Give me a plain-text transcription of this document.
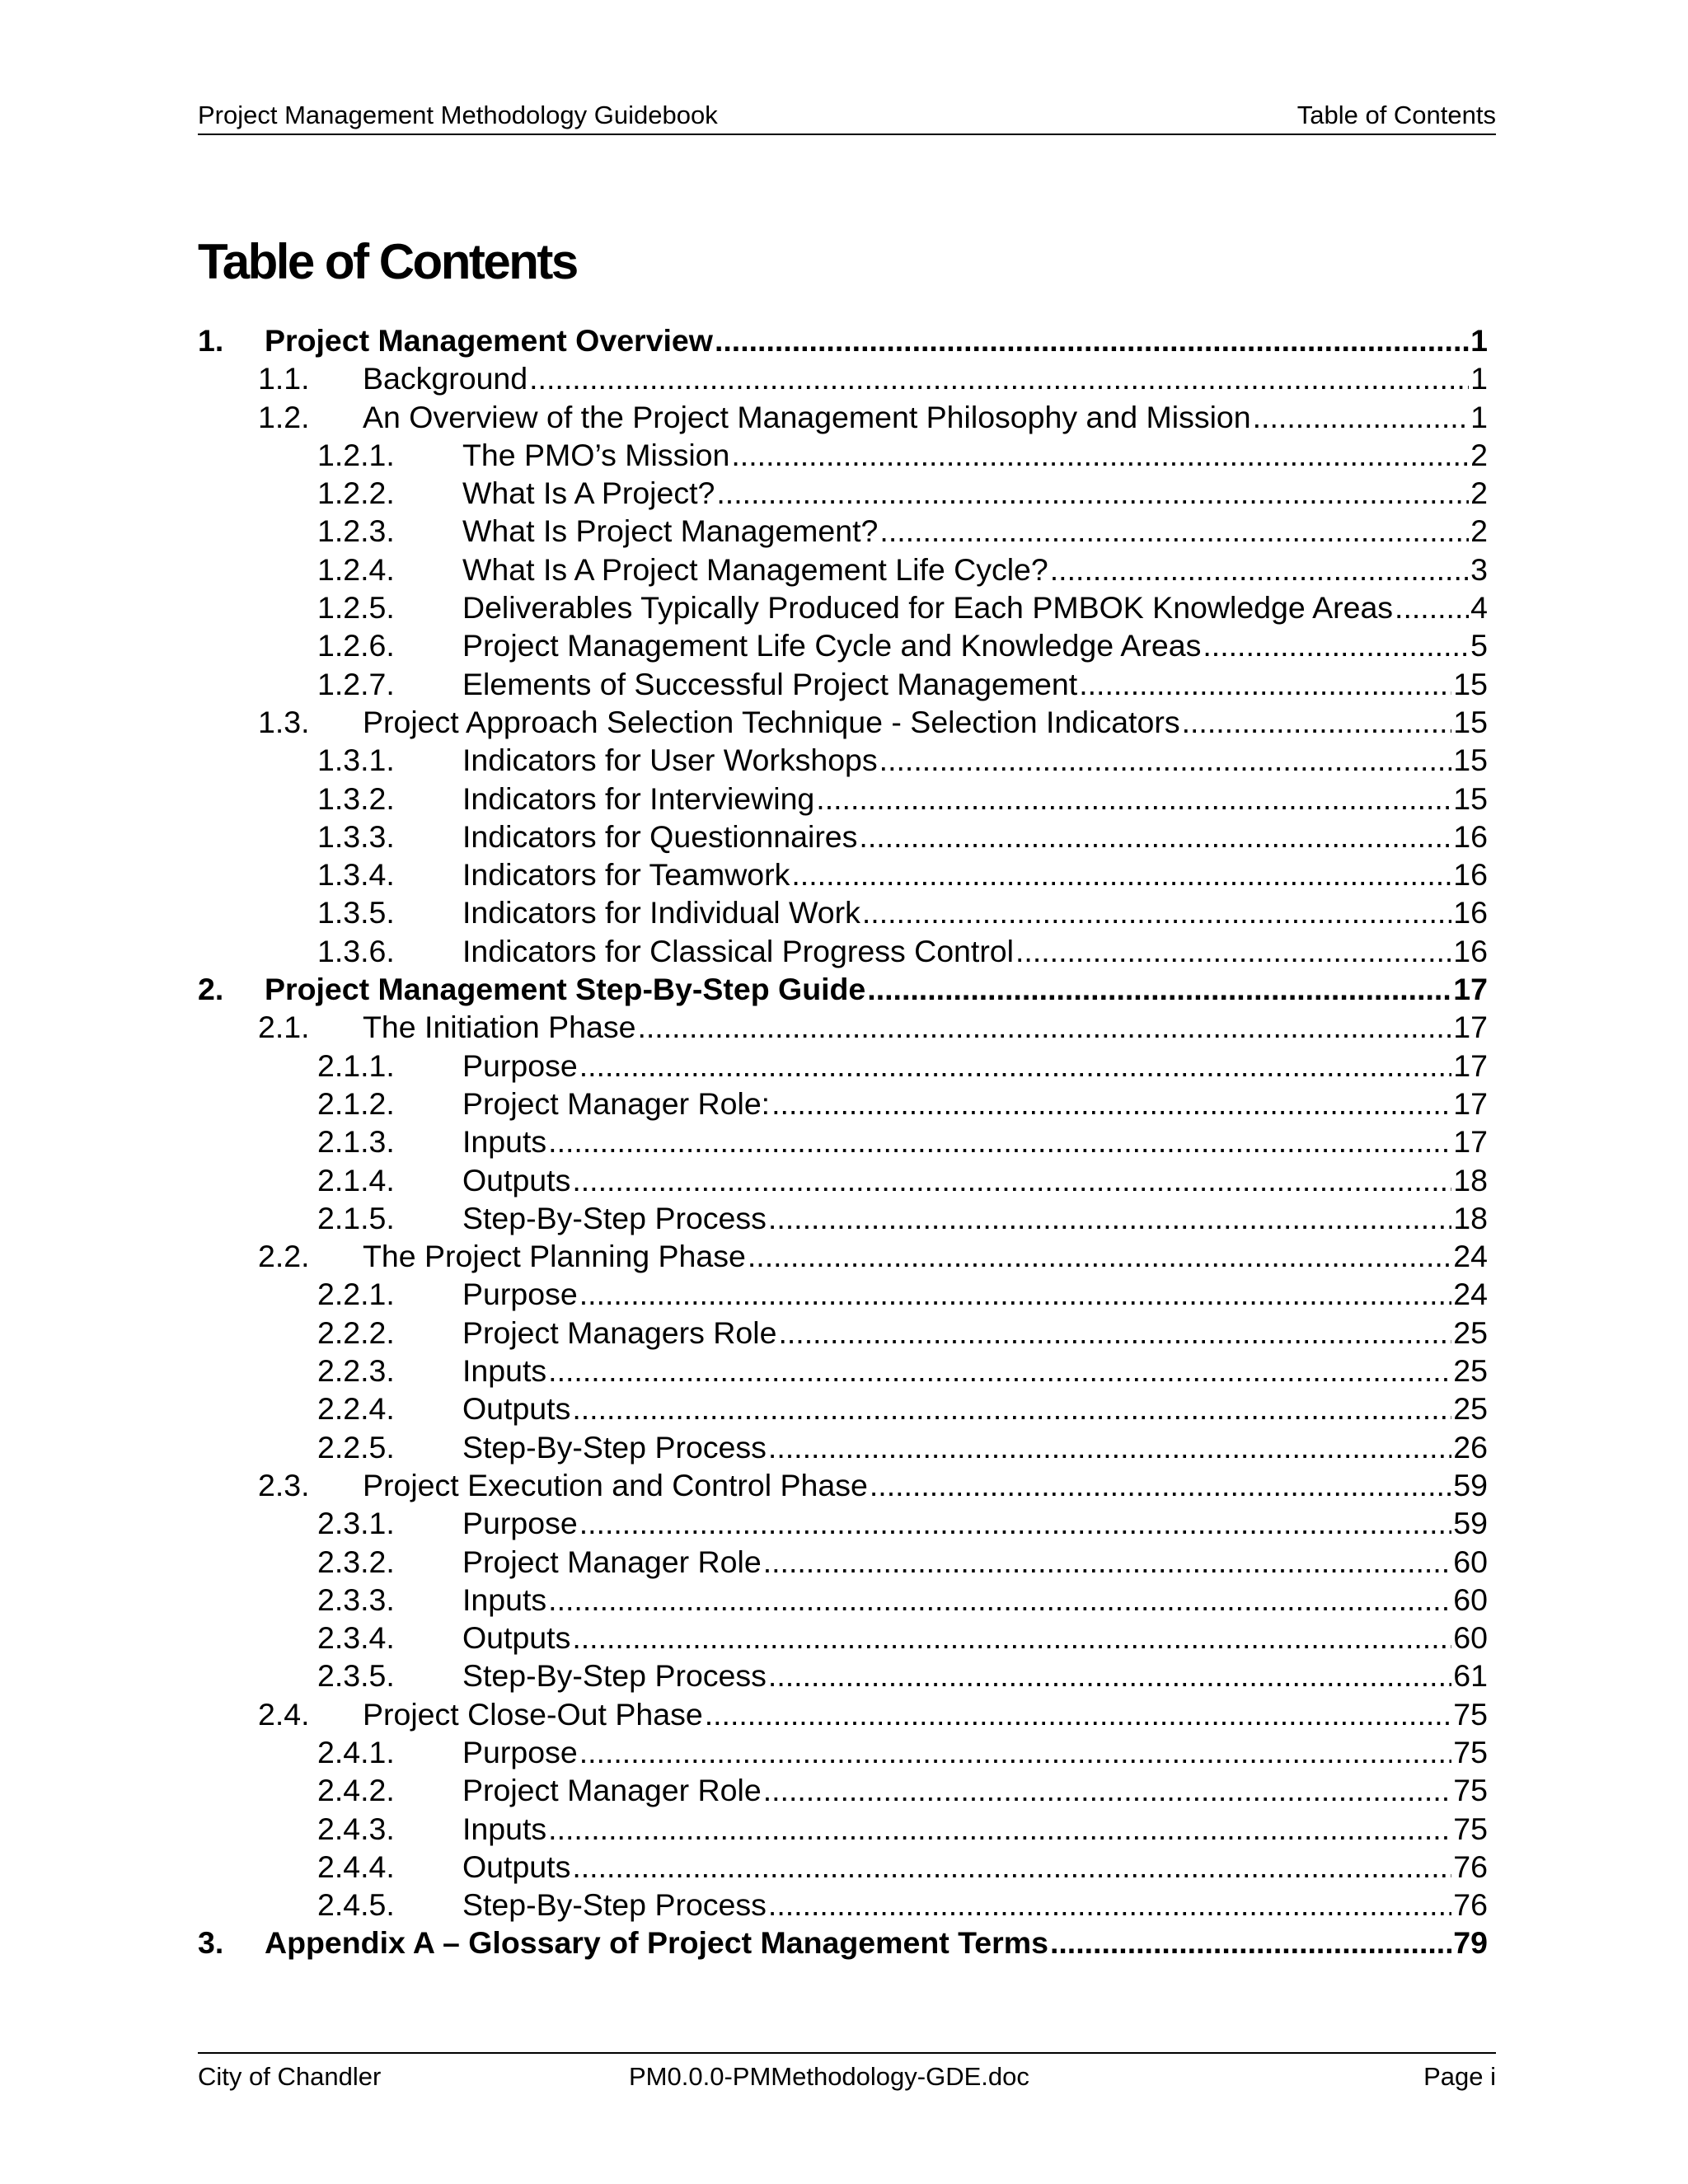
Project Management Methodology Guidebook	Table of Contents
Table of Contents
1.	Project Management Overview .....	1
1.1.	Background .....	1
1.2.	An Overview of the Project Management Philosophy and Mission .....	1
1.2.1.	The PMO’s Mission .....	2
1.2.2.	What Is A Project? .....	2
1.2.3.	What Is Project Management? .....	2
1.2.4.	What Is A Project Management Life Cycle? .....	3
1.2.5.	Deliverables Typically Produced for Each PMBOK Knowledge Areas .....	4
1.2.6.	Project Management Life Cycle and Knowledge Areas .....	5
1.2.7.	Elements of Successful Project Management .....	15
1.3.	Project Approach Selection Technique - Selection Indicators .....	15
1.3.1.	Indicators for User Workshops .....	15
1.3.2.	Indicators for Interviewing .....	15
1.3.3.	Indicators for Questionnaires .....	16
1.3.4.	Indicators for Teamwork .....	16
1.3.5.	Indicators for Individual Work .....	16
1.3.6.	Indicators for Classical Progress Control .....	16
2.	Project Management Step-By-Step Guide .....	17
2.1.	The Initiation Phase .....	17
2.1.1.	Purpose .....	17
2.1.2.	Project Manager Role: .....	17
2.1.3.	Inputs .....	17
2.1.4.	Outputs .....	18
2.1.5.	Step-By-Step Process .....	18
2.2.	The Project Planning Phase .....	24
2.2.1.	Purpose .....	24
2.2.2.	Project Managers Role .....	25
2.2.3.	Inputs .....	25
2.2.4.	Outputs .....	25
2.2.5.	Step-By-Step Process .....	26
2.3.	Project Execution and Control Phase .....	59
2.3.1.	Purpose .....	59
2.3.2.	Project Manager Role .....	60
2.3.3.	Inputs .....	60
2.3.4.	Outputs .....	60
2.3.5.	Step-By-Step Process .....	61
2.4.	Project Close-Out Phase .....	75
2.4.1.	Purpose .....	75
2.4.2.	Project Manager Role .....	75
2.4.3.	Inputs .....	75
2.4.4.	Outputs .....	76
2.4.5.	Step-By-Step Process .....	76
3.	Appendix A – Glossary of Project Management Terms .....	79
City of Chandler	PM0.0.0-PMMethodology-GDE.doc	Page i
